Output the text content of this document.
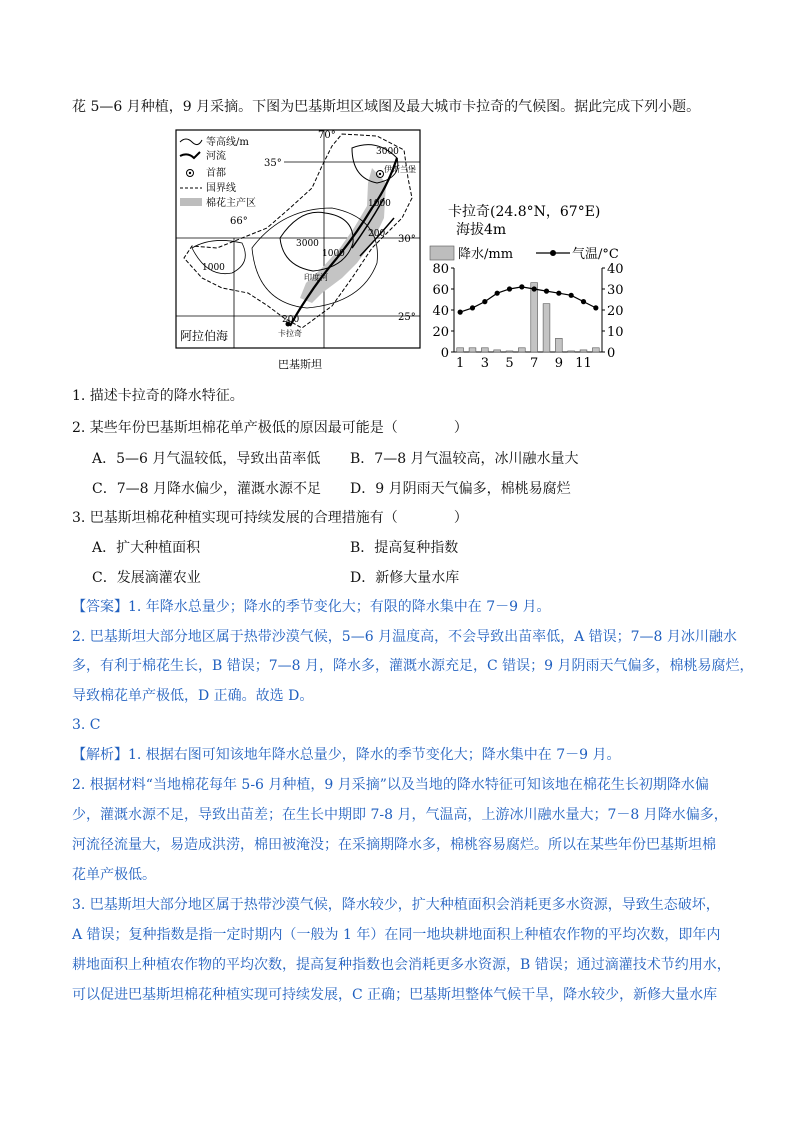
花 5—6 月种植，9 月采摘。下图为巴基斯坦区域图及最大城市卡拉奇的气候图。据此完成下列小题。
等高线/m
河流
首都
国界线
棉花主产区
70°
66°
35°
30°
25°
3000
1000
3000
1000
200
1000
200
伊斯兰堡
卡拉奇
印度河
阿拉伯海
巴基斯坦
卡拉奇(24.8°N，67°E)
海拔4m
降水/mm	气温/°C
0
20
40
60
80
0
10
20
30
40
1 3 5 7 9 11
1. 描述卡拉奇的降水特征。
2. 某些年份巴基斯坦棉花单产极低的原因最可能是（	）
A．5—6 月气温较低，导致出苗率低 B．7—8 月气温较高，冰川融水量大
C．7—8 月降水偏少，灌溉水源不足 D．9 月阴雨天气偏多，棉桃易腐烂
3. 巴基斯坦棉花种植实现可持续发展的合理措施有（	）
A．扩大种植面积	B．提高复种指数
C．发展滴灌农业	D．新修大量水库
【答案】1. 年降水总量少；降水的季节变化大；有限的降水集中在 7－9 月。
2. 巴基斯坦大部分地区属于热带沙漠气候，5—6 月温度高，不会导致出苗率低，A 错误；7—8 月冰川融水
多，有利于棉花生长，B 错误；7—8 月，降水多，灌溉水源充足，C 错误；9 月阴雨天气偏多，棉桃易腐烂，
导致棉花单产极低，D 正确。故选 D。
3. C
【解析】1. 根据右图可知该地年降水总量少，降水的季节变化大；降水集中在 7－9 月。
2. 根据材料“当地棉花每年 5-6 月种植，9 月采摘”以及当地的降水特征可知该地在棉花生长初期降水偏
少，灌溉水源不足，导致出苗差；在生长中期即 7-8 月，气温高，上游冰川融水量大；7－8 月降水偏多，
河流径流量大，易造成洪涝，棉田被淹没；在采摘期降水多，棉桃容易腐烂。所以在某些年份巴基斯坦棉
花单产极低。
3. 巴基斯坦大部分地区属于热带沙漠气候，降水较少，扩大种植面积会消耗更多水资源，导致生态破坏，
A 错误；复种指数是指一定时期内（一般为 1 年）在同一地块耕地面积上种植农作物的平均次数，即年内
耕地面积上种植农作物的平均次数，提高复种指数也会消耗更多水资源，B 错误；通过滴灌技术节约用水，
可以促进巴基斯坦棉花种植实现可持续发展，C 正确；巴基斯坦整体气候干旱，降水较少，新修大量水库
